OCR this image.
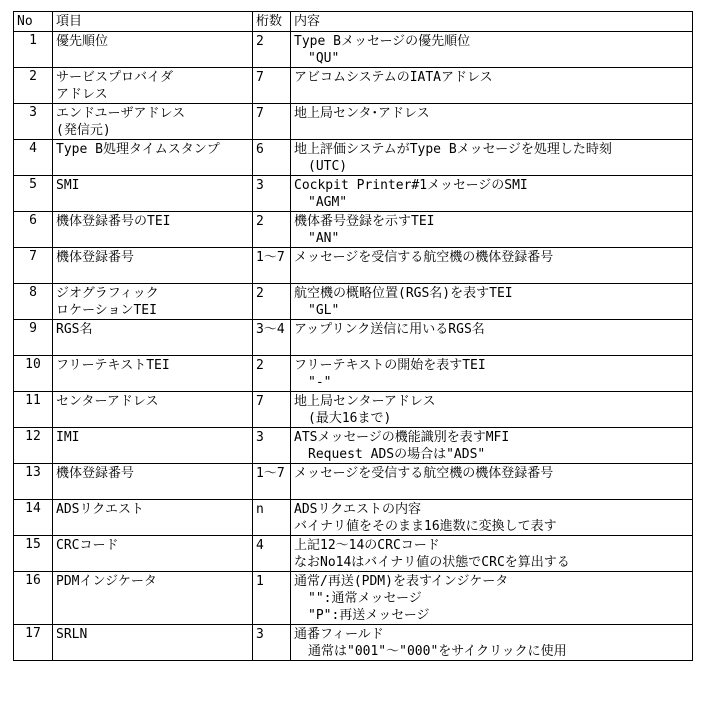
No	項目	桁数	内容
1	優先順位	2	Type Bメッセージの優先順位
"QU"

2	サービスプロバイダ
アドレス	7	アビコムシステムのIATAアドレス

3	エンドユーザアドレス
(発信元)	7	地上局センタ･アドレス

4	Type B処理タイムスタンプ	6	地上評価システムがType Bメッセージを処理した時刻
(UTC)

5	SMI	3	Cockpit Printer#1メッセージのSMI
"AGM"

6	機体登録番号のTEI	2	機体番号登録を示すTEI
"AN"

7	機体登録番号	1～7	メッセージを受信する航空機の機体登録番号

8	ジオグラフィック
ロケーションTEI	2	航空機の概略位置(RGS名)を表すTEI
"GL"

9	RGS名	3～4	アップリンク送信に用いるRGS名

10	フリーテキストTEI	2	フリーテキストの開始を表すTEI
"-"

11	センターアドレス	7	地上局センターアドレス
(最大16まで)

12	IMI	3	ATSメッセージの機能識別を表すMFI
Request ADSの場合は"ADS"

13	機体登録番号	1～7	メッセージを受信する航空機の機体登録番号

14	ADSリクエスト	n	ADSリクエストの内容
バイナリ値をそのまま16進数に変換して表す

15	CRCコード	4	上記12～14のCRCコード
なおNo14はバイナリ値の状態でCRCを算出する

16	PDMインジケータ	1	通常/再送(PDM)を表すインジケータ
"":通常メッセージ
"P":再送メッセージ

17	SRLN	3	通番フィールド
通常は"001"～"000"をサイクリックに使用
